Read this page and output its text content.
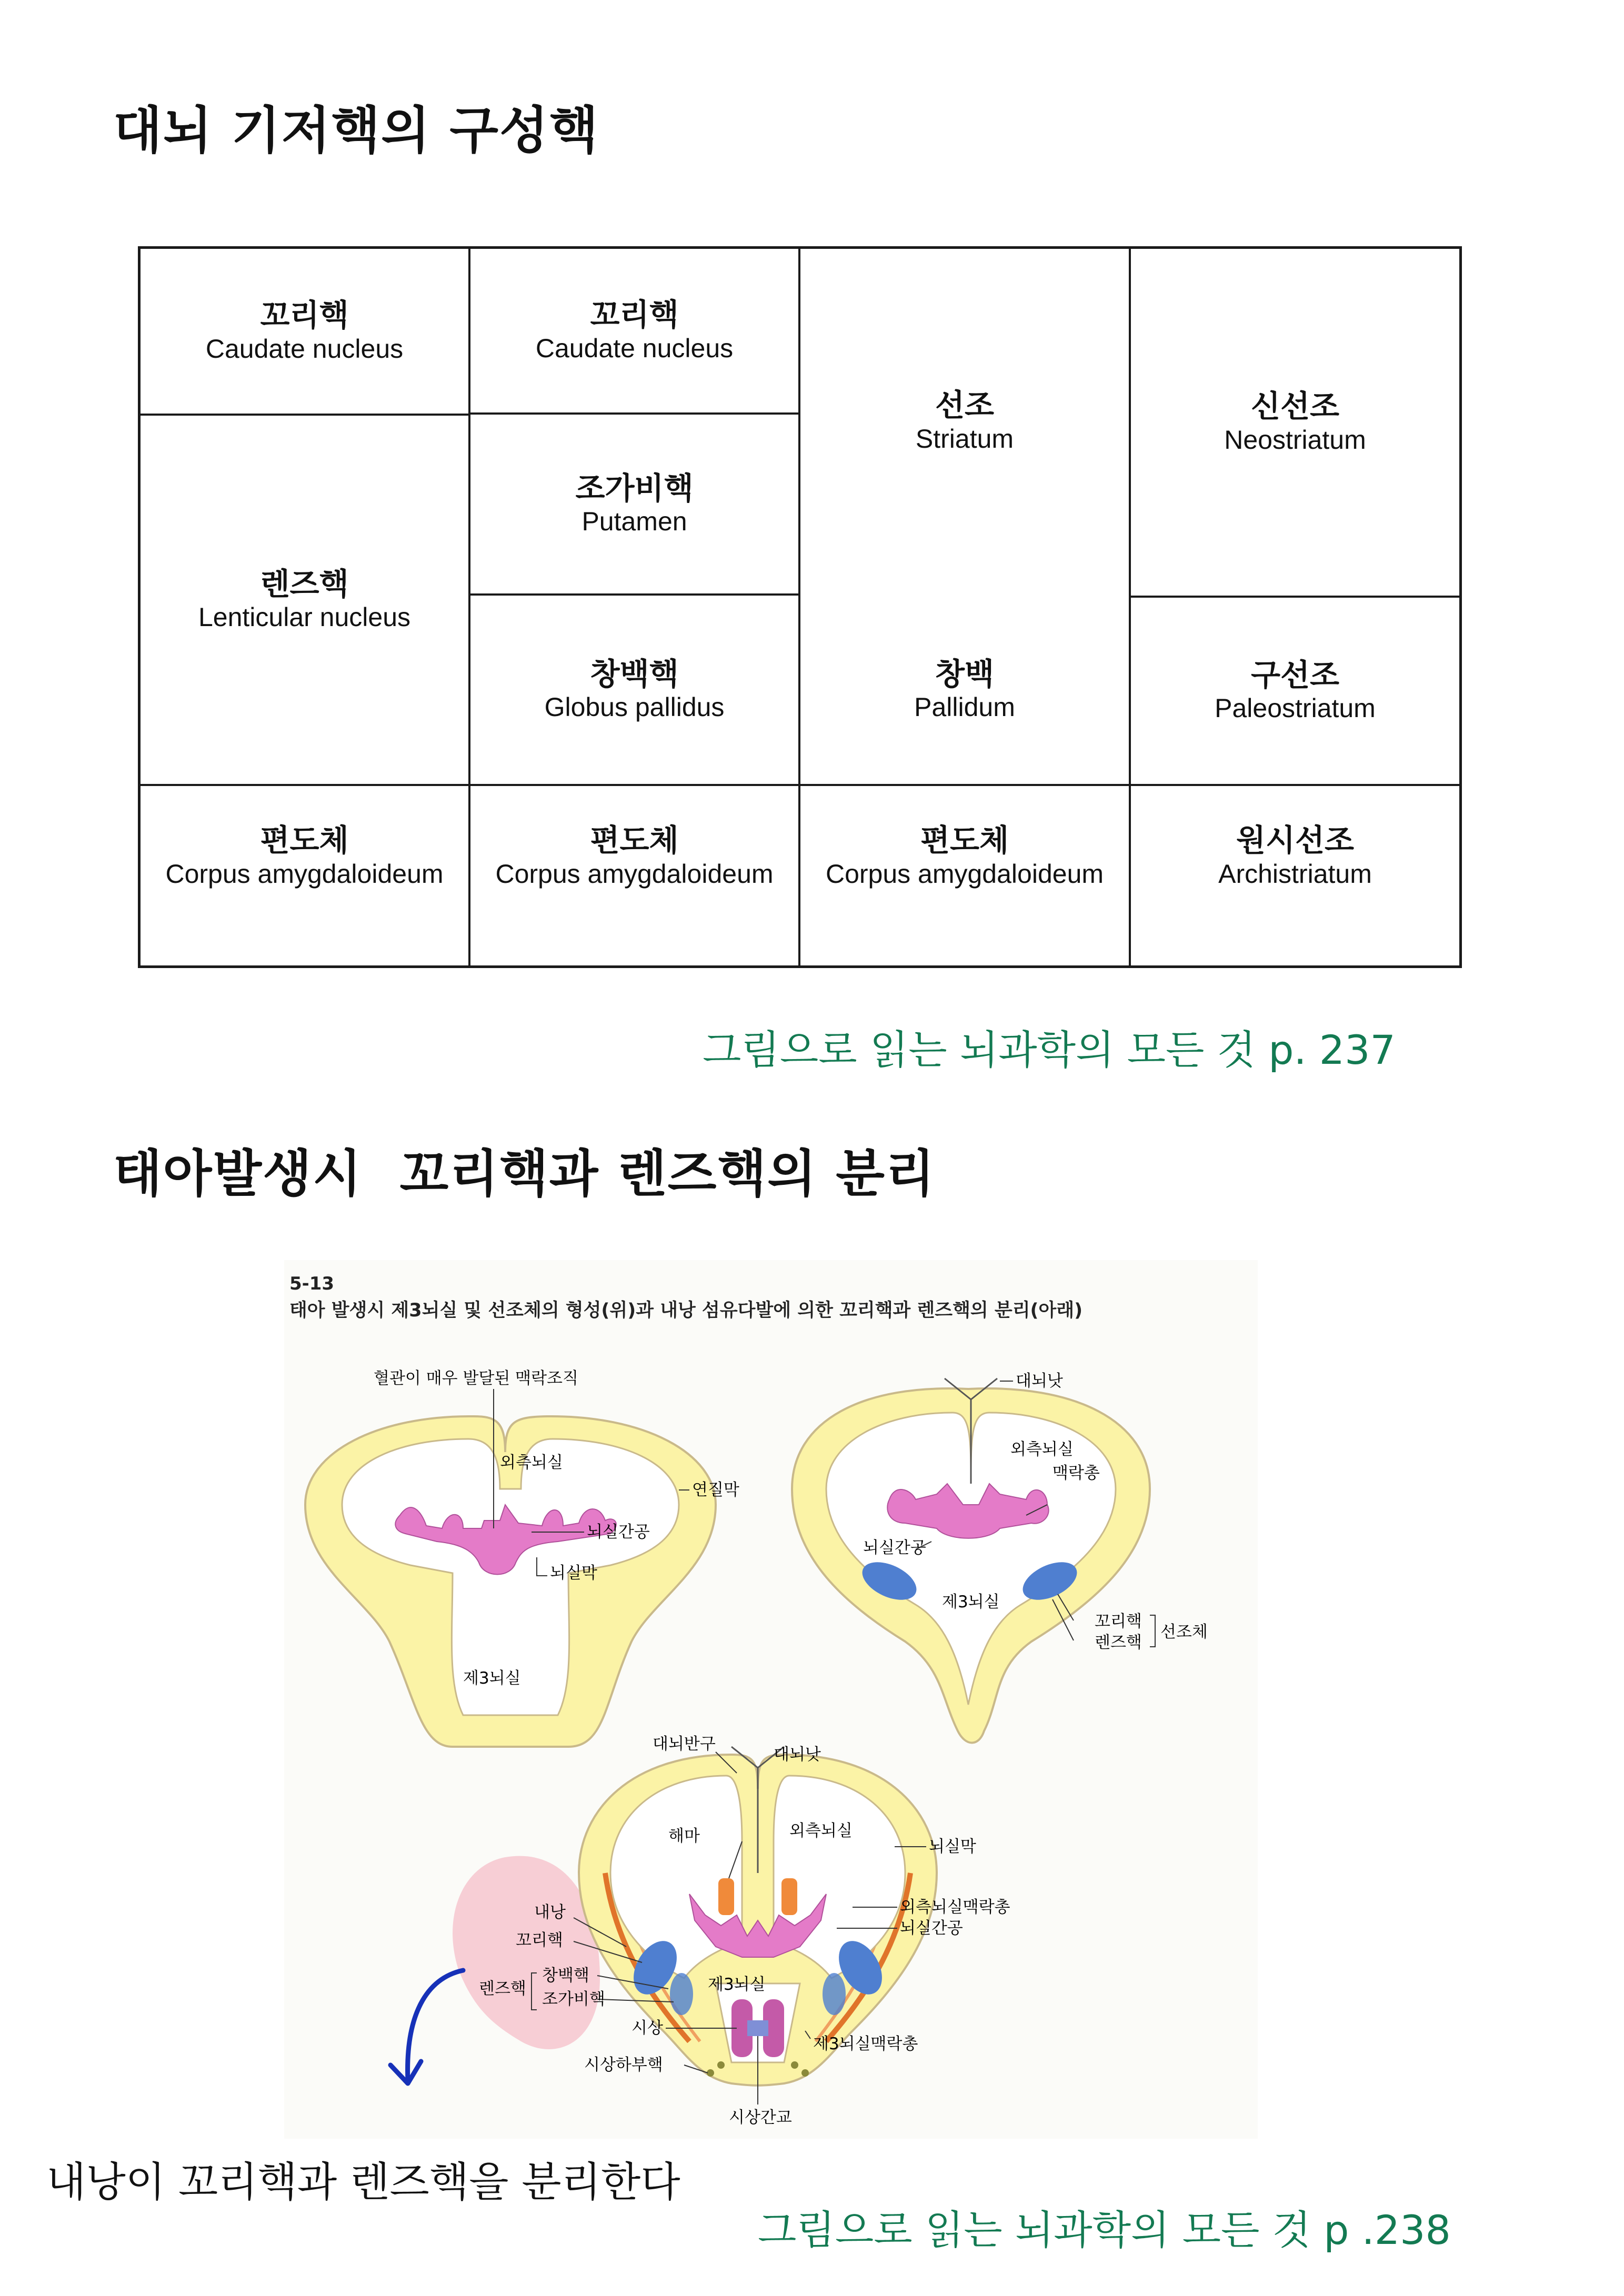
대뇌 기저핵의 구성핵
꼬리핵
Caudate nucleus
렌즈핵
Lenticular nucleus
편도체
Corpus amygdaloideum
꼬리핵
Caudate nucleus
조가비핵
Putamen
창백핵
Globus pallidus
편도체
Corpus amygdaloideum
선조
Striatum
창백
Pallidum
편도체
Corpus amygdaloideum
신선조
Neostriatum
구선조
Paleostriatum
원시선조
Archistriatum
그림으로 읽는 뇌과학의 모든 것 p. 237
태아발생시  꼬리핵과 렌즈핵의 분리
5-13
태아 발생시 제3뇌실 및 선조체의 형성(위)과 내낭 섬유다발에 의한 꼬리핵과 렌즈핵의 분리(아래)
혈관이 매우 발달된 맥락조직
외측뇌실
연질막
뇌실간공
뇌실막
제3뇌실
대뇌낫
외측뇌실
맥락총
뇌실간공
제3뇌실
꼬리핵
렌즈핵
선조체
대뇌반구
대뇌낫
해마	외측뇌실
뇌실막
외측뇌실맥락총
뇌실간공
내낭
꼬리핵
렌즈핵
창백핵
조가비핵
제3뇌실
시상
제3뇌실맥락총
시상하부핵
시상간교
내낭이 꼬리핵과 렌즈핵을 분리한다
그림으로 읽는 뇌과학의 모든 것 p .238
